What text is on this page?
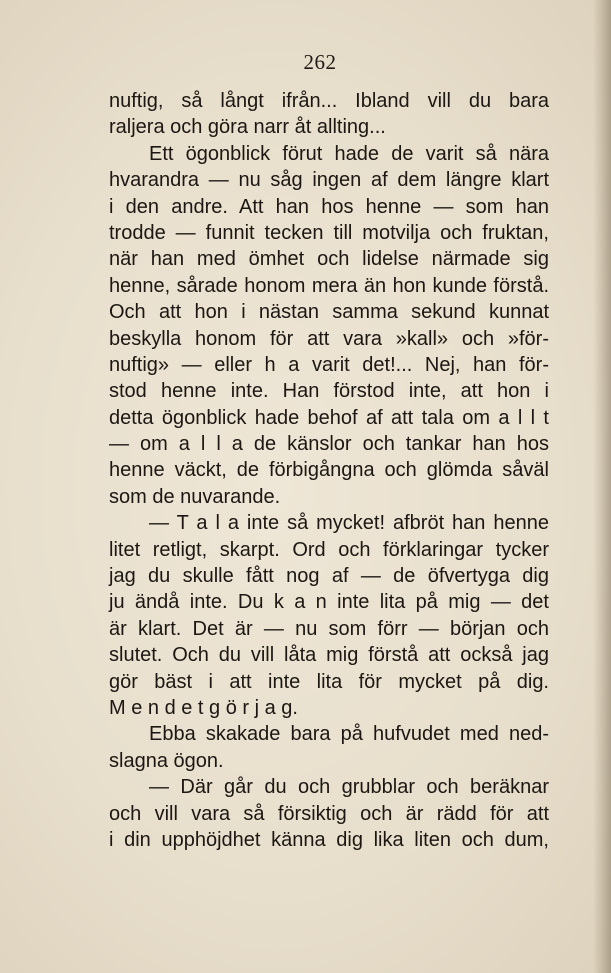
262
nuftig, så långt ifrån... Ibland vill du bara
raljera och göra narr åt allting...
Ett ögonblick förut hade de varit så nära
hvarandra — nu såg ingen af dem längre klart
i den andre. Att han hos henne — som han
trodde — funnit tecken till motvilja och fruktan,
när han med ömhet och lidelse närmade sig
henne, sårade honom mera än hon kunde förstå.
Och att hon i nästan samma sekund kunnat
beskylla honom för att vara »kall» och »för-
nuftig» — eller h a varit det!... Nej, han för-
stod henne inte. Han förstod inte, att hon i
detta ögonblick hade behof af att tala om a l l t
— om a l l a de känslor och tankar han hos
henne väckt, de förbigångna och glömda såväl
som de nuvarande.
— T a l a inte så mycket! afbröt han henne
litet retligt, skarpt. Ord och förklaringar tycker
jag du skulle fått nog af — de öfvertyga dig
ju ändå inte. Du k a n inte lita på mig — det
är klart. Det är — nu som förr — början och
slutet. Och du vill låta mig förstå att också jag
gör bäst i att inte lita för mycket på dig.
M e n d e t g ö r j a g.
Ebba skakade bara på hufvudet med ned-
slagna ögon.
— Där går du och grubblar och beräknar
och vill vara så försiktig och är rädd för att
i din upphöjdhet känna dig lika liten och dum,
